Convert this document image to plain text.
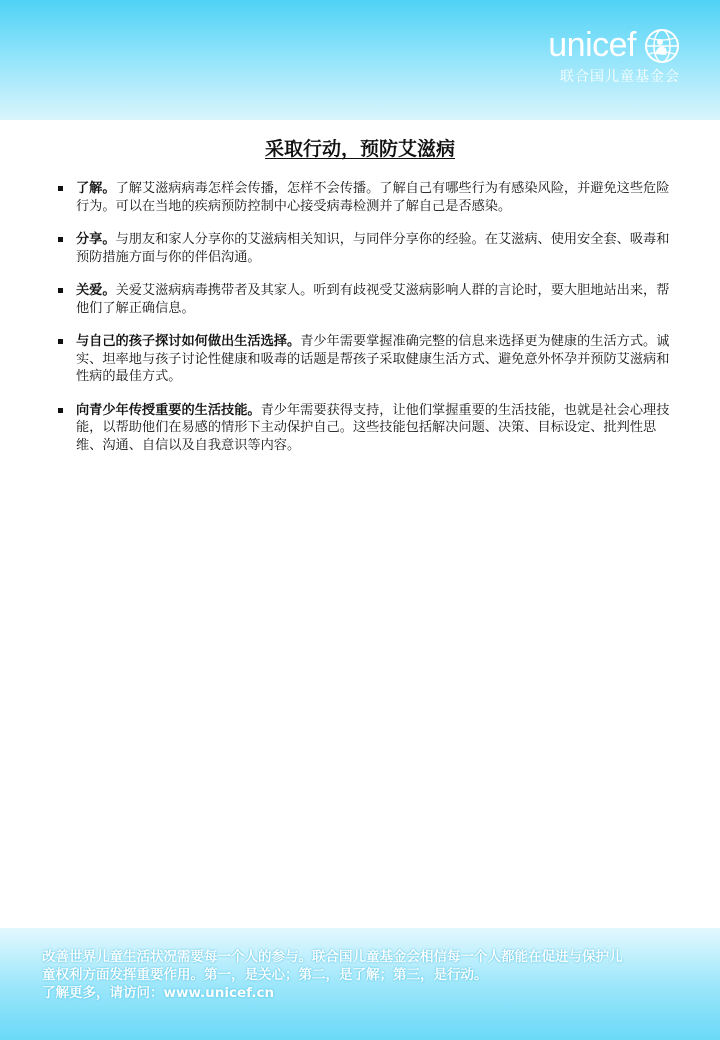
unicef
联合国儿童基金会
采取行动，预防艾滋病
了解。了解艾滋病病毒怎样会传播，怎样不会传播。了解自己有哪些行为有感染风险，并避免这些危险行为。可以在当地的疾病预防控制中心接受病毒检测并了解自己是否感染。
分享。与朋友和家人分享你的艾滋病相关知识，与同伴分享你的经验。在艾滋病、使用安全套、吸毒和预防措施方面与你的伴侣沟通。
关爱。关爱艾滋病病毒携带者及其家人。听到有歧视受艾滋病影响人群的言论时，要大胆地站出来，帮他们了解正确信息。
与自己的孩子探讨如何做出生活选择。青少年需要掌握准确完整的信息来选择更为健康的生活方式。诚实、坦率地与孩子讨论性健康和吸毒的话题是帮孩子采取健康生活方式、避免意外怀孕并预防艾滋病和性病的最佳方式。
向青少年传授重要的生活技能。青少年需要获得支持，让他们掌握重要的生活技能，也就是社会心理技能，以帮助他们在易感的情形下主动保护自己。这些技能包括解决问题、决策、目标设定、批判性思维、沟通、自信以及自我意识等内容。
改善世界儿童生活状况需要每一个人的参与。联合国儿童基金会相信每一个人都能在促进与保护儿
童权利方面发挥重要作用。第一，是关心；第二，是了解；第三，是行动。
了解更多，请访问：www.unicef.cn
